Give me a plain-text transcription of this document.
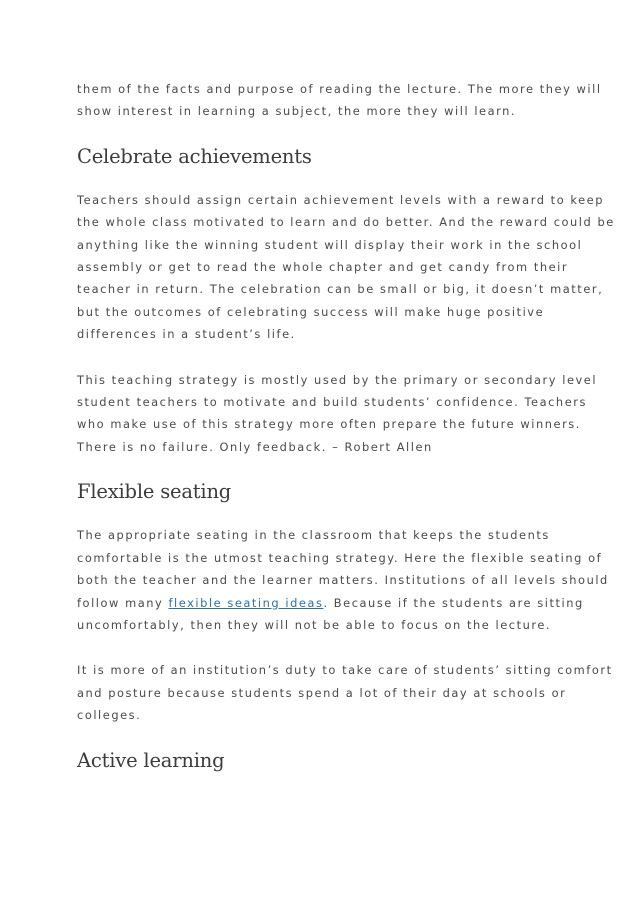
them of the facts and purpose of reading the lecture. The more they will
show interest in learning a subject, the more they will learn.

Celebrate achievements

Teachers should assign certain achievement levels with a reward to keep
the whole class motivated to learn and do better. And the reward could be
anything like the winning student will display their work in the school
assembly or get to read the whole chapter and get candy from their
teacher in return. The celebration can be small or big, it doesn’t matter,
but the outcomes of celebrating success will make huge positive
differences in a student’s life.

This teaching strategy is mostly used by the primary or secondary level
student teachers to motivate and build students’ confidence. Teachers
who make use of this strategy more often prepare the future winners.
There is no failure. Only feedback. – Robert Allen

Flexible seating

The appropriate seating in the classroom that keeps the students
comfortable is the utmost teaching strategy. Here the flexible seating of
both the teacher and the learner matters. Institutions of all levels should
follow many flexible seating ideas. Because if the students are sitting
uncomfortably, then they will not be able to focus on the lecture.

It is more of an institution’s duty to take care of students’ sitting comfort
and posture because students spend a lot of their day at schools or
colleges.

Active learning
